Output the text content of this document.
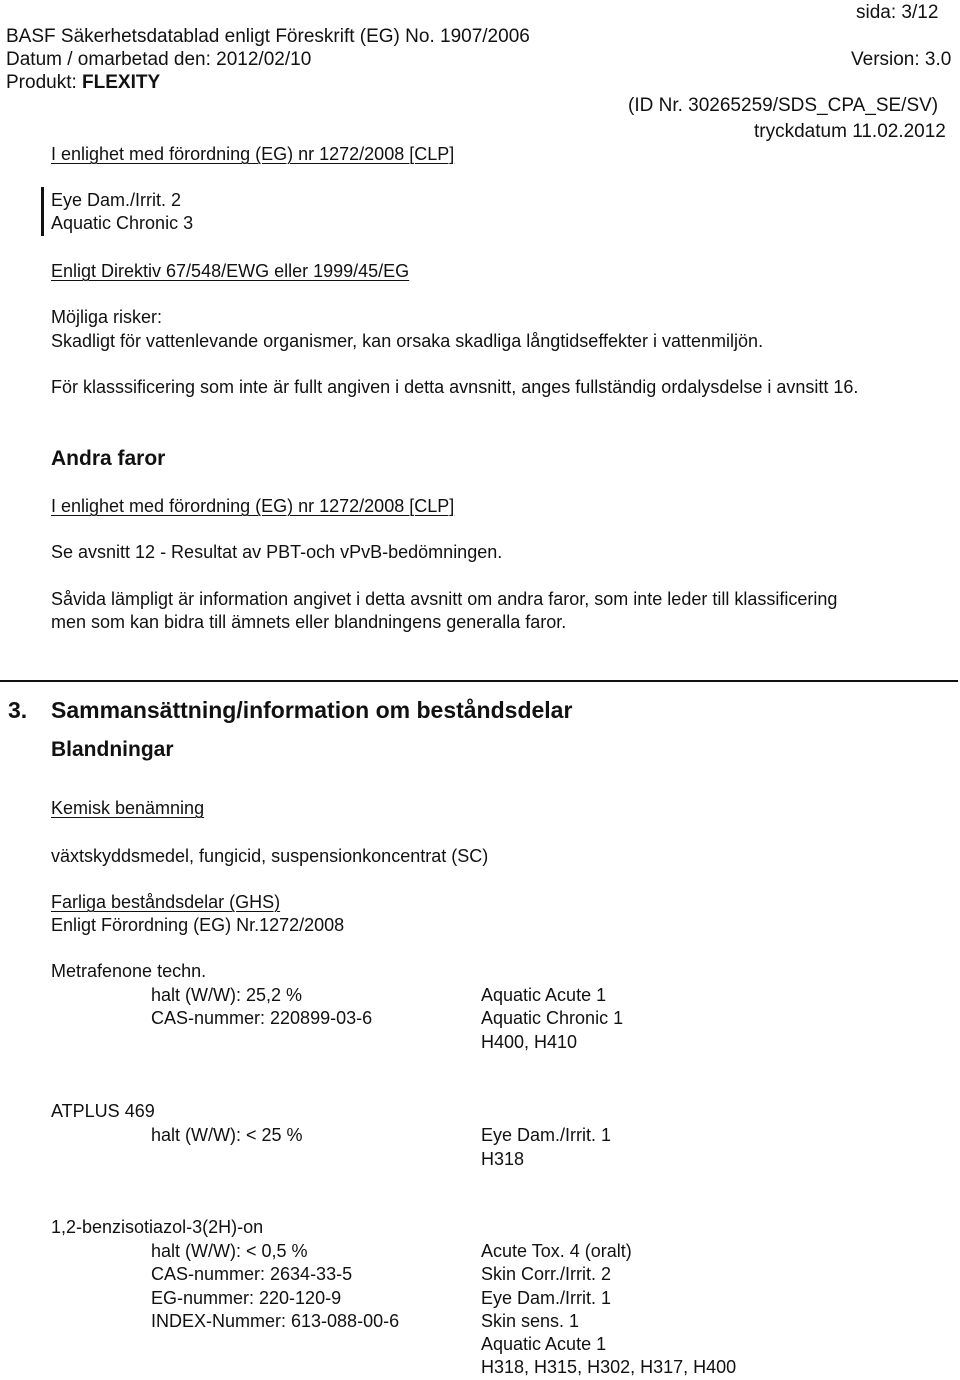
sida: 3/12
BASF Säkerhetsdatablad enligt Föreskrift (EG) No. 1907/2006
Datum / omarbetad den: 2012/02/10	Version: 3.0
Produkt: FLEXITY
(ID Nr. 30265259/SDS_CPA_SE/SV)
tryckdatum 11.02.2012
I enlighet med förordning (EG) nr 1272/2008 [CLP]
Eye Dam./Irrit. 2
Aquatic Chronic 3
Enligt Direktiv 67/548/EWG eller 1999/45/EG
Möjliga risker:
Skadligt för vattenlevande organismer, kan orsaka skadliga långtidseffekter i vattenmiljön.
För klasssificering som inte är fullt angiven i detta avnsnitt, anges fullständig ordalysdelse i avnsitt 16.
Andra faror
I enlighet med förordning (EG) nr 1272/2008 [CLP]
Se avsnitt 12 - Resultat av PBT-och vPvB-bedömningen.
Såvida lämpligt är information angivet i detta avsnitt om andra faror, som inte leder till klassificering
men som kan bidra till ämnets eller blandningens generalla faror.
3. Sammansättning/information om beståndsdelar
Blandningar
Kemisk benämning
växtskyddsmedel, fungicid, suspensionkoncentrat (SC)
Farliga beståndsdelar (GHS)
Enligt Förordning (EG) Nr.1272/2008
Metrafenone techn.
halt (W/W): 25,2 %
CAS-nummer: 220899-03-6
Aquatic Acute 1
Aquatic Chronic 1
H400, H410
ATPLUS 469
halt (W/W): < 25 %	Eye Dam./Irrit. 1
H318
1,2-benzisotiazol-3(2H)-on
halt (W/W): < 0,5 %
CAS-nummer: 2634-33-5
EG-nummer: 220-120-9
INDEX-Nummer: 613-088-00-6
Acute Tox. 4 (oralt)
Skin Corr./Irrit. 2
Eye Dam./Irrit. 1
Skin sens. 1
Aquatic Acute 1
H318, H315, H302, H317, H400
